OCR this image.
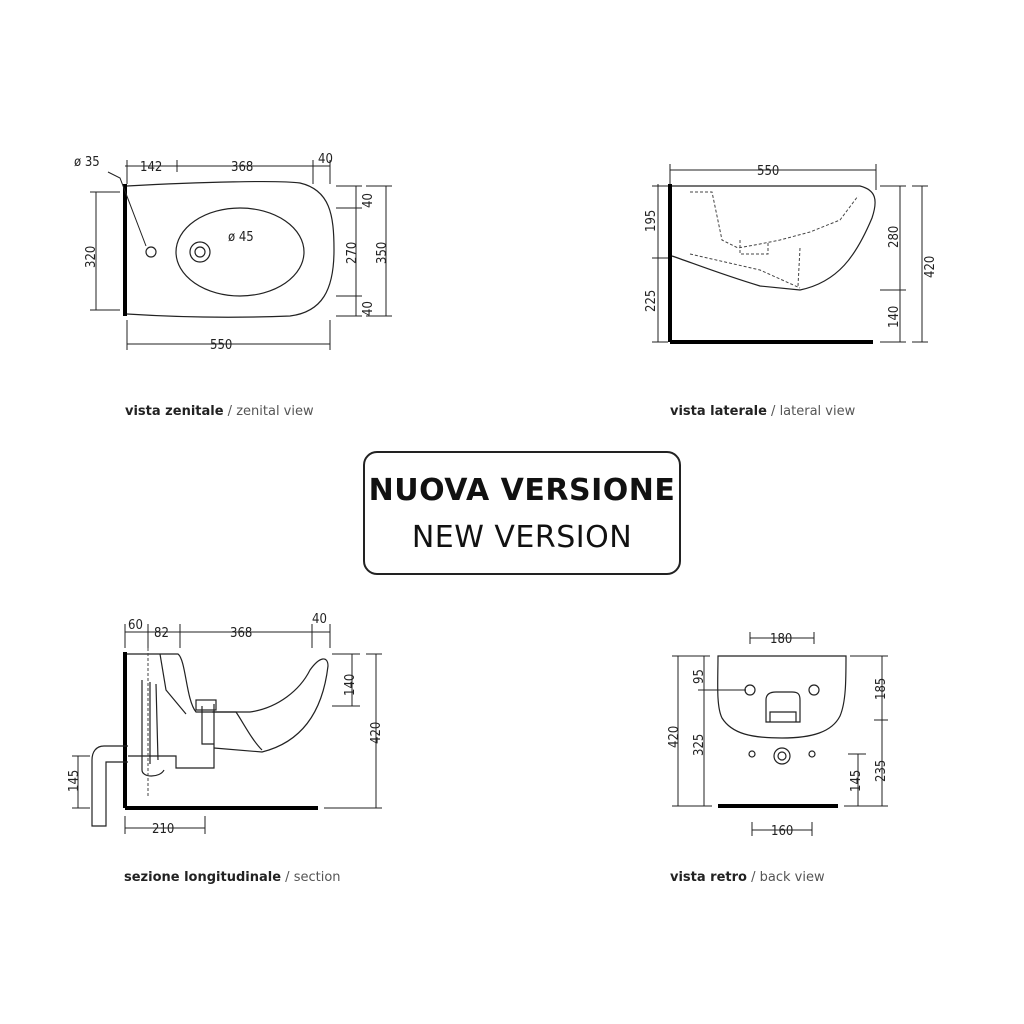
ø 35	142	368
40
320
40
270
40
350
ø 45
550
vista zenitale / zenital view
550
195
225
280
140
420
vista laterale / lateral view
60
82	368
40
140
420
145
210
sezione longitudinale / section
180
95
420 325
185
235
145
160
vista retro / back view
NUOVA VERSIONE
NEW VERSION
